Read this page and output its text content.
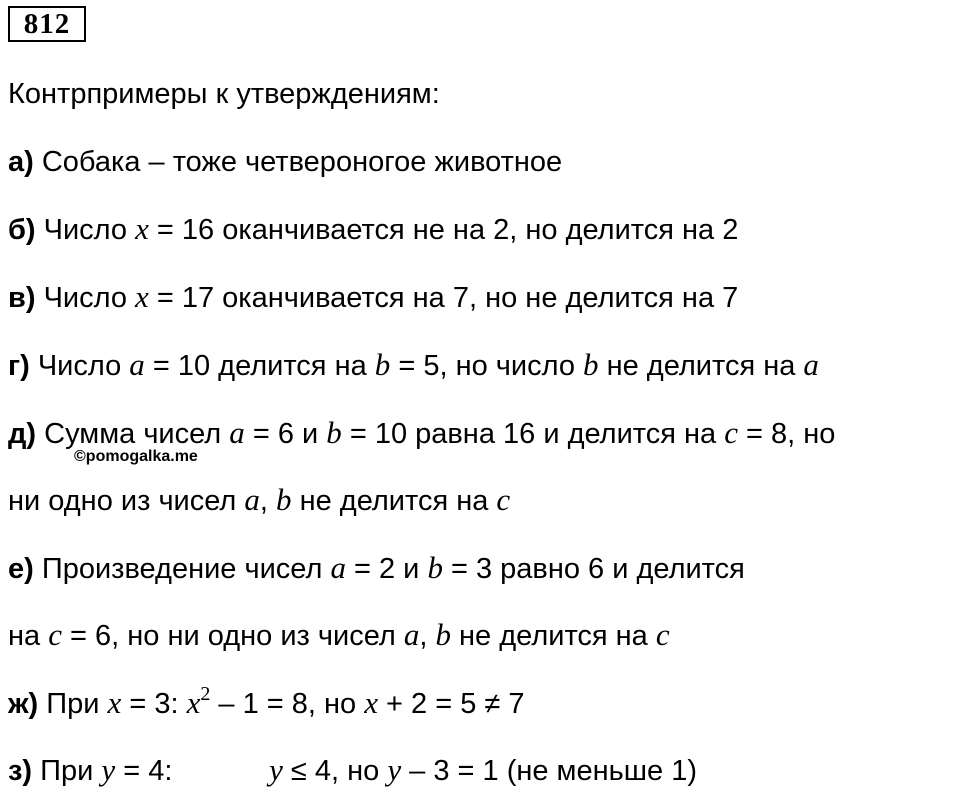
812
Контрпримеры к утверждениям:
а) Собака – тоже четвероногое животное
б) Число x = 16 оканчивается не на 2, но делится на 2
в) Число x = 17 оканчивается на 7, но не делится на 7
г) Число a = 10 делится на b = 5, но число b не делится на a
д) Сумма чисел a = 6 и b = 10 равна 16 и делится на c = 8, но
©pomogalka.me
ни одно из чисел a, b не делится на c
е) Произведение чисел a = 2 и b = 3 равно 6 и делится
на c = 6, но ни одно из чисел a, b не делится на c
ж) При x = 3: $x^2 - 1 = 8$, но x + 2 = 5 ≠ 7
з) При y = 4:	y ≤ 4, но y – 3 = 1 (не меньше 1)
